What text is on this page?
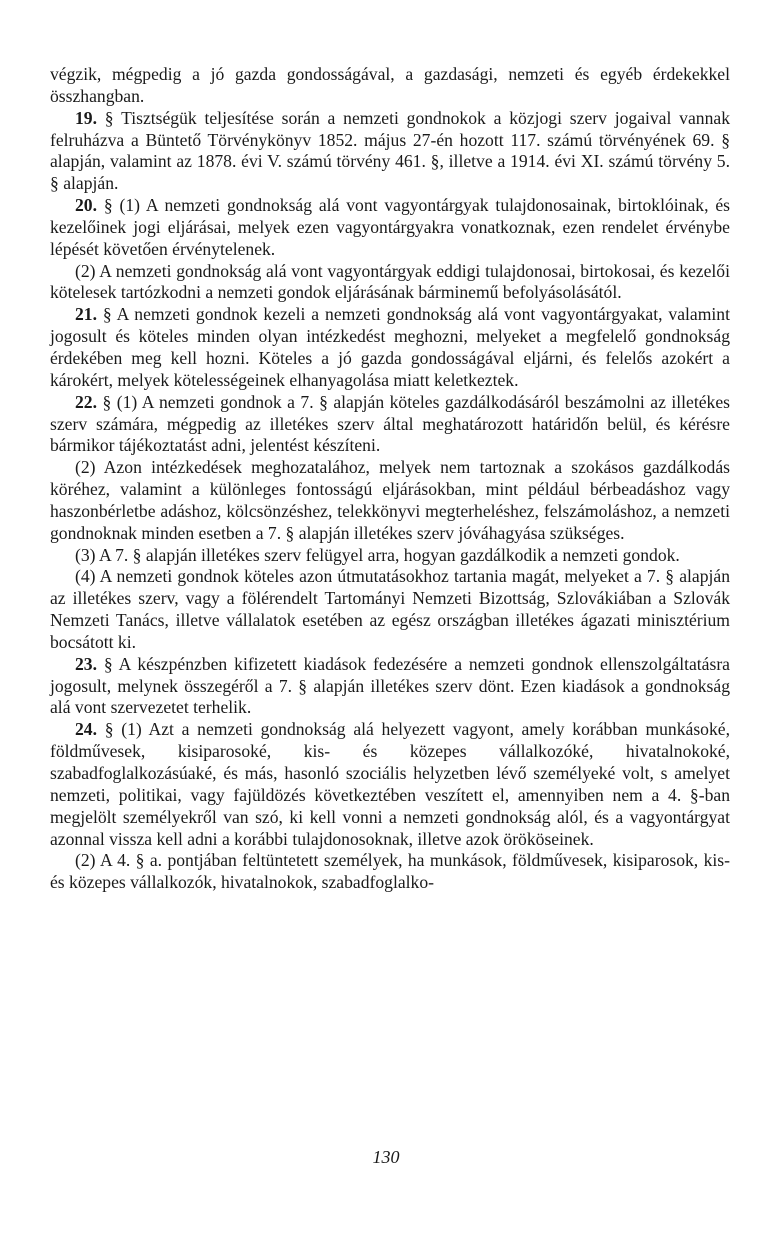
végzik, mégpedig a jó gazda gondosságával, a gazdasági, nemzeti és egyéb érdekekkel összhangban.

19. § Tisztségük teljesítése során a nemzeti gondnokok a közjogi szerv jogaival vannak felruházva a Büntető Törvénykönyv 1852. május 27-én hozott 117. számú törvényének 69. § alapján, valamint az 1878. évi V. számú törvény 461. §, illetve a 1914. évi XI. számú törvény 5. § alapján.

20. § (1) A nemzeti gondnokság alá vont vagyontárgyak tulajdonosainak, birtoklóinak, és kezelőinek jogi eljárásai, melyek ezen vagyontárgyakra vonatkoznak, ezen rendelet érvénybe lépését követően érvénytelenek.

(2) A nemzeti gondnokság alá vont vagyontárgyak eddigi tulajdonosai, birtokosai, és kezelői kötelesek tartózkodni a nemzeti gondok eljárásának bárminemű befolyásolásától.

21. § A nemzeti gondnok kezeli a nemzeti gondnokság alá vont vagyontárgyakat, valamint jogosult és köteles minden olyan intézkedést meghozni, melyeket a megfelelő gondnokság érdekében meg kell hozni. Köteles a jó gazda gondosságával eljárni, és felelős azokért a károkért, melyek kötelességeinek elhanyagolása miatt keletkeztek.

22. § (1) A nemzeti gondnok a 7. § alapján köteles gazdálkodásáról beszámolni az illetékes szerv számára, mégpedig az illetékes szerv által meghatározott határidőn belül, és kérésre bármikor tájékoztatást adni, jelentést készíteni.

(2) Azon intézkedések meghozatalához, melyek nem tartoznak a szokásos gazdálkodás köréhez, valamint a különleges fontosságú eljárásokban, mint például bérbeadáshoz vagy haszonbérletbe adáshoz, kölcsönzéshez, telekkönyvi megterheléshez, felszámoláshoz, a nemzeti gondnoknak minden esetben a 7. § alapján illetékes szerv jóváhagyása szükséges.

(3) A 7. § alapján illetékes szerv felügyel arra, hogyan gazdálkodik a nemzeti gondok.

(4) A nemzeti gondnok köteles azon útmutatásokhoz tartania magát, melyeket a 7. § alapján az illetékes szerv, vagy a fölérendelt Tartományi Nemzeti Bizottság, Szlovákiában a Szlovák Nemzeti Tanács, illetve vállalatok esetében az egész országban illetékes ágazati minisztérium bocsátott ki.

23. § A készpénzben kifizetett kiadások fedezésére a nemzeti gondnok ellenszolgáltatásra jogosult, melynek összegéről a 7. § alapján illetékes szerv dönt. Ezen kiadások a gondnokság alá vont szervezetet terhelik.

24. § (1) Azt a nemzeti gondnokság alá helyezett vagyont, amely korábban munkásoké, földművesek, kisiparosoké, kis- és közepes vállalkozóké, hivatalnokoké, szabadfoglalkozásúaké, és más, hasonló szociális helyzetben lévő személyeké volt, s amelyet nemzeti, politikai, vagy fajüldözés következtében veszített el, amennyiben nem a 4. §-ban megjelölt személyekről van szó, ki kell vonni a nemzeti gondnokság alól, és a vagyontárgyat azonnal vissza kell adni a korábbi tulajdonosoknak, illetve azok örököseinek.

(2) A 4. § a. pontjában feltüntetett személyek, ha munkások, földművesek, kisiparosok, kis- és közepes vállalkozók, hivatalnokok, szabadfoglalko-

130
